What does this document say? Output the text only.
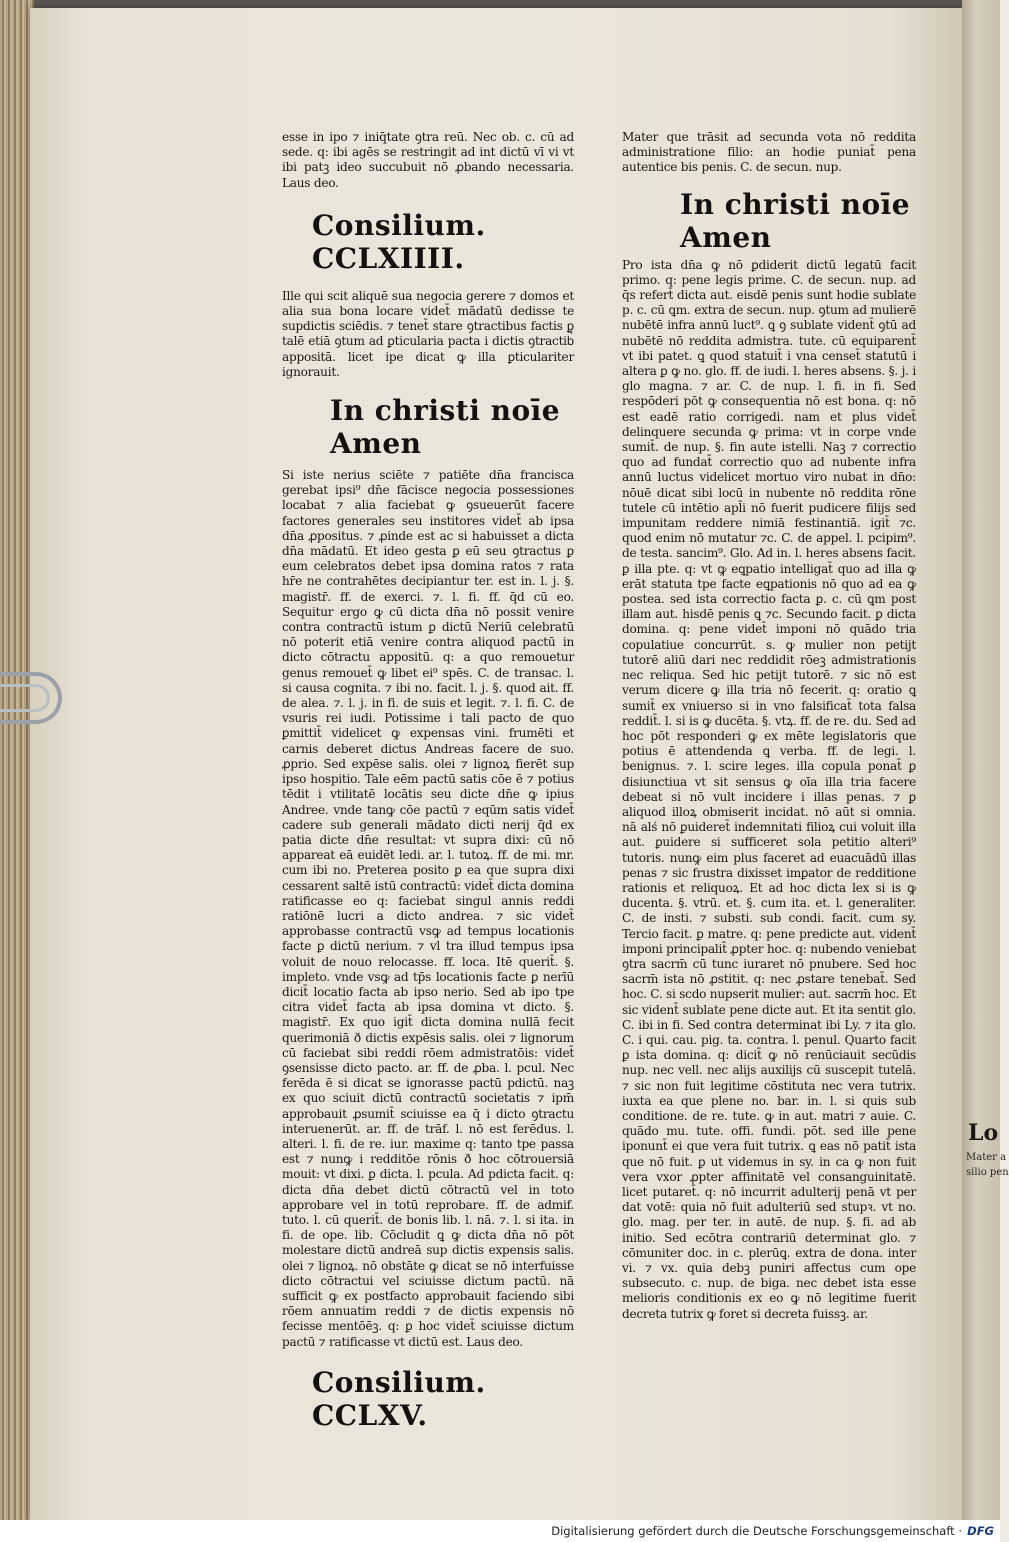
Lo
Mater a
silio pen

esse in ipo ⁊ iniq̄tate ꝯtra reū. Nec ob. c. cū ad sede. q: ibi agēs se restringit ad int dictū vī vi vt ibi patꝫ ideo succubuit nō ꝓbando necessaria. Laus deo.

Consilium. CCLXIIII.

Ille qui scit aliquē sua negocia gerere ⁊ domos et alia sua bona locare videt̄ mādatū dedisse te supdictis sciēdis. ⁊ tenet̄ stare ꝯtractibus factis ꝑ talē etiā ꝯtum ad ꝑticularia pacta i dictis ꝯtractib᷒ appositā. licet ipe dicat ꝙ illa ꝑticulariter ignorauit.

In christi noīe Amen

Si iste nerius sciēte ⁊ patiēte dn̄a francisca gerebat ipsi⁹ dn̄e fācisce negocia possessiones locabat ⁊ alia faciebat ꝙ ꝯsueuerūt facere factores generales seu institores videt̄ ab ipsa dn̄a ꝓpositus. ⁊ ꝓinde est ac si habuisset a dicta dn̄a mādatū. Et ideo gesta ꝑ eū seu ꝯtractus ꝑ eum celebratos debet ipsa domina ratos ⁊ rata hr̄e ne contrahētes decipiantur ter. est in. l. j. §. magistr̄. ff. de exerci. ⁊. l. fi. ff. q̄d cū eo. Sequitur ergo ꝙ cū dicta dn̄a nō possit venire contra contractū istum ꝑ dictū Neriū celebratū nō poterit etiā venire contra aliquod pactū in dicto cōtractu appositū. q: a quo remouetur genus remouet̄ ꝙ libet ei⁹ spēs. C. de transac. l. si causa cognita. ⁊ ibi no. facit. l. j. §. quod ait. ff. de alea. ⁊. l. j. in fi. de suis et legit. ⁊. l. fi. C. de vsuris rei iudi. Potissime i tali pacto de quo ꝑmittit̄ videlicet ꝙ expensas vini. frumēti et carnis deberet dictus Andreas facere de suo. ꝓprio. Sed expēse salis. olei ⁊ lignoꝝ fierēt sup ipso hospitio. Tale eēm pactū satis cōe ē ⁊ potius tēdit i vtilitatē locātis seu dicte dn̄e ꝙ ipius Andree. vnde tanꝙ cōe pactū ⁊ eqūm satis videt̄ cadere sub generali mādato dicti nerij q̄d ex patia dicte dn̄e resultat: vt supra dixi: cū nō appareat eā euidēt ledi. ar. l. tutoꝝ. ff. de mi. mr. cum ibi no. Preterea posito ꝑ ea que supra dixi cessarent saltē istū contractū: videt̄ dicta domina ratificasse eo q: faciebat singul annis reddi ratiōnē lucri a dicto andrea. ⁊ sic videt̄ approbasse contractū vsꝙ ad tempus locationis facte ꝑ dictū nerium. ⁊ vl tra illud tempus ipsa voluit de nouo relocasse. ff. loca. Itē querit̄. §. impleto. vnde vsꝙ ad tp̄s locationis facte ꝑ nerīū dicit̄ locatio facta ab ipso nerio. Sed ab ipo tpe citra videt̄ facta ab ipsa domina vt dicto. §. magistr̄. Ex quo igit̄ dicta domina nullā fecit querimoniā ð dictis expēsis salis. olei ⁊ lignorum cū faciebat sibi reddi rōem admistratōis: videt̄ ꝯsensisse dicto pacto. ar. ff. de ꝓba. l. pcul. Nec ferēda ē si dicat se ignorasse pactū pdictū. naꝫ ex quo sciuit dictū contractū societatis ⁊ ipm̄ approbauit ꝓsumit̄ sciuisse ea q̄ i dicto ꝯtractu interuenerūt. ar. ff. de trāf. l. nō est ferēdus. l. alteri. l. fi. de re. iur. maxime q: tanto tpe passa est ⁊ nunꝙ i redditōe rōnis ð hoc cōtrouersiā mouit: vt dixi. ꝑ dicta. l. pcula. Ad pdicta facit. q: dicta dn̄a debet dictū cōtractū vel in toto approbare vel in totū reprobare. ff. de admif. tuto. l. cū querit̄. de bonis lib. l. nā. ⁊. l. si ita. in fi. de ope. lib. Cōcludit ꝗ ꝙ dicta dn̄a nō pōt molestare dictū andreā sup dictis expensis salis. olei ⁊ lignoꝝ. nō obstāte ꝙ dicat se nō interfuisse dicto cōtractui vel sciuisse dictum pactū. nā sufficit ꝙ ex postfacto approbauit faciendo sibi rōem annuatim reddi ⁊ de dictis expensis nō fecisse mentōēꝫ. q: ꝑ hoc videt̄ sciuisse dictum pactū ⁊ ratificasse vt dictū est. Laus deo.

Consilium. CCLXV.

Mater que trāsit ad secunda vota nō reddita administratione filio: an hodie puniat̄ pena autentice bis penis. C. de secun. nup.

In christi noīe Amen

Pro ista dn̄a ꝙ nō ꝑdiderit dictū legatū facit primo. q: pene legis prime. C. de secun. nup. ad q̄s refert̄ dicta aut. eisdē penis sunt hodie sublate p. c. cū ꝗm. extra de secun. nup. ꝯtum ad mulierē nubētē infra annū luct⁹. ꝗ ꝯ sublate vident̄ ꝯtū ad nubētē nō reddita admistra. tute. cū equiparent̄ vt ibi patet. ꝗ quod statuit̄ i vna censet̄ statutū i altera ꝑ ꝙ no. glo. ff. de iudi. l. heres absens. §. j. i glo magna. ⁊ ar. C. de nup. l. fi. in fi. Sed respōderi pōt ꝙ consequentia nō est bona. q: nō est eadē ratio corrigedi. nam et plus videt̄ delinquere secunda ꝙ prima: vt in corpe vnde sumit̄. de nup. §. fin aute istelli. Naꝫ ⁊ correctio quo ad fundat̄ correctio quo ad nubente infra annū luctus videlicet mortuo viro nubat in dn̄o: nōuē dicat sibi locū in nubente nō reddita rōne tutele cū intētio apl̄i nō fuerit pudicere filijs sed impunitam reddere nimiā festinantiā. igit̄ ⁊c. quod enim nō mutatur ⁊c. C. de appel. l. pcipim⁹. de testa. sancim⁹. Glo. Ad in. l. heres absens facit. ꝑ illa pte. q: vt ꝙ eꝗpatio intelligat̄ quo ad illa ꝙ erāt statuta tpe facte eꝗpationis nō quo ad ea ꝙ postea. sed ista correctio facta ꝑ. c. cū ꝗm post illam aut. hisdē penis ꝗ ⁊c. Secundo facit. ꝑ dicta domina. q: pene videt̄ imponi nō quādo tria copulatiue concurrūt. s. ꝙ mulier non petijt tutorē aliū dari nec reddidit rōeꝫ admistrationis nec reliqua. Sed hic petijt tutorē. ⁊ sic nō est verum dicere ꝙ illa tria nō fecerit. q: oratio ꝗ sumit̄ ex vniuerso si in vno falsificat̄ tota falsa reddit̄. l. si is ꝙ ducēta. §. vtꝝ. ff. de re. du. Sed ad hoc pōt responderi ꝙ ex mēte legislatoris que potius ē attendenda ꝗ verba. ff. de legi. l. benignus. ⁊. l. scire leges. illa copula ponat̄ ꝑ disiunctiua vt sit sensus ꝙ oīa illa tria facere debeat si nō vult incidere i illas penas. ⁊ ꝑ aliquod illoꝝ obmiserit incidat. nō aūt si omnia. nā alś nō ꝑuideret̄ indemnitati filioꝝ cui voluit illa aut. ꝑuidere si sufficeret sola petitio alteri⁹ tutoris. nunꝙ eim plus faceret ad euacuādū illas penas ⁊ sic frustra dixisset imꝑator de redditione rationis et reliquoꝝ. Et ad hoc dicta lex si is ꝙ ducenta. §. vtrū. et. §. cum ita. et. l. generaliter. C. de insti. ⁊ substi. sub condi. facit. cum sy. Tercio facit. ꝑ matre. q: pene predicte aut. vident̄ imponi principalit̄ ꝓpter hoc. q: nubendo veniebat ꝯtra sacrm̄ cū tunc iuraret nō pnubere. Sed hoc sacrm̄ ista nō ꝓstitit. q: nec ꝓstare tenebat̄. Sed hoc. C. si scdo nupserit mulier: aut. sacrm̄ hoc. Et sic vident̄ sublate pene dicte aut. Et ita sentit glo. C. ibi in fi. Sed contra determinat ibi Ly. ⁊ ita glo. C. i qui. cau. pig. ta. contra. l. penul. Quarto facit ꝑ ista domina. q: dicit̄ ꝙ nō renūciauit secūdis nup. nec vell. nec alijs auxilijs cū suscepit tutelā. ⁊ sic non fuit legitime cōstituta nec vera tutrix. iuxta ea que plene no. bar. in. l. si quis sub conditione. de re. tute. ꝙ in aut. matri ⁊ auie. C. quādo mu. tute. offi. fundi. pōt. sed ille pene iponunt̄ ei que vera fuit tutrix. ꝗ eas nō patit̄ ista que nō fuit. ꝑ ut videmus in sy. in ca ꝙ non fuit vera vxor ꝓpter affinitatē vel consanguinitatē. licet putaret̄. q: nō incurrit adulterij penā vt per dat votē: quia nō fuit adulteriū sed stupꝛ. vt no. glo. mag. per ter. in autē. de nup. §. fi. ad ab initio. Sed ecōtra contrariū determinat glo. ⁊ cōmuniter doc. in c. plerūꝗ. extra de dona. inter vi. ⁊ vx. quia debꝫ puniri affectus cum ope subsecuto. c. nup. de biga. nec debet ista esse melioris conditionis ex eo ꝙ nō legitime fuerit decreta tutrix ꝙ foret si decreta fuissꝫ. ar.

Digitalisierung gefördert durch die Deutsche Forschungsgemeinschaft · DFG
